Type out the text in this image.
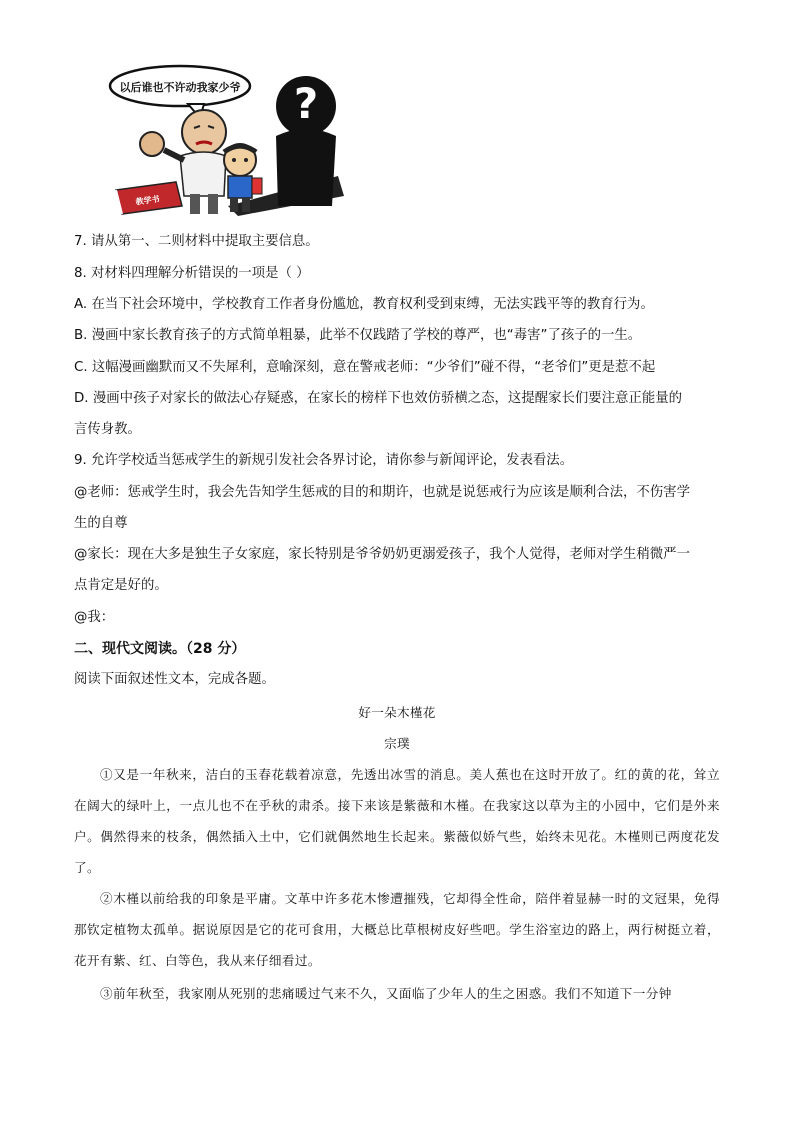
?
以后谁也不许动我家少爷
教学书
7. 请从第一、二则材料中提取主要信息。
8. 对材料四理解分析错误的一项是（ ）
A. 在当下社会环境中，学校教育工作者身份尴尬，教育权利受到束缚，无法实践平等的教育行为。
B. 漫画中家长教育孩子的方式简单粗暴，此举不仅践踏了学校的尊严，也“毒害”了孩子的一生。
C. 这幅漫画幽默而又不失犀利，意喻深刻，意在警戒老师：“少爷们”碰不得，“老爷们”更是惹不起
D. 漫画中孩子对家长的做法心存疑惑，在家长的榜样下也效仿骄横之态，这提醒家长们要注意正能量的
言传身教。
9. 允许学校适当惩戒学生的新规引发社会各界讨论，请你参与新闻评论，发表看法。
@老师：惩戒学生时，我会先告知学生惩戒的目的和期许，也就是说惩戒行为应该是顺利合法，不伤害学
生的自尊
@家长：现在大多是独生子女家庭，家长特别是爷爷奶奶更溺爱孩子，我个人觉得，老师对学生稍微严一
点肯定是好的。
@我：
二、现代文阅读。（28 分）
阅读下面叙述性文本，完成各题。
好一朵木槿花
宗璞
①又是一年秋来，洁白的玉春花载着凉意，先透出冰雪的消息。美人蕉也在这时开放了。红的黄的花，耸立在阔大的绿叶上，一点儿也不在乎秋的肃杀。接下来该是紫薇和木槿。在我家这以草为主的小园中，它们是外来户。偶然得来的枝条，偶然插入土中，它们就偶然地生长起来。紫薇似娇气些，始终未见花。木槿则已两度花发了。
②木槿以前给我的印象是平庸。文革中许多花木惨遭摧残，它却得全性命，陪伴着显赫一时的文冠果，免得那钦定植物太孤单。据说原因是它的花可食用，大概总比草根树皮好些吧。学生浴室边的路上，两行树挺立着，花开有紫、红、白等色，我从来仔细看过。
③前年秋至，我家刚从死别的悲痛暖过气来不久，又面临了少年人的生之困惑。我们不知道下一分钟
